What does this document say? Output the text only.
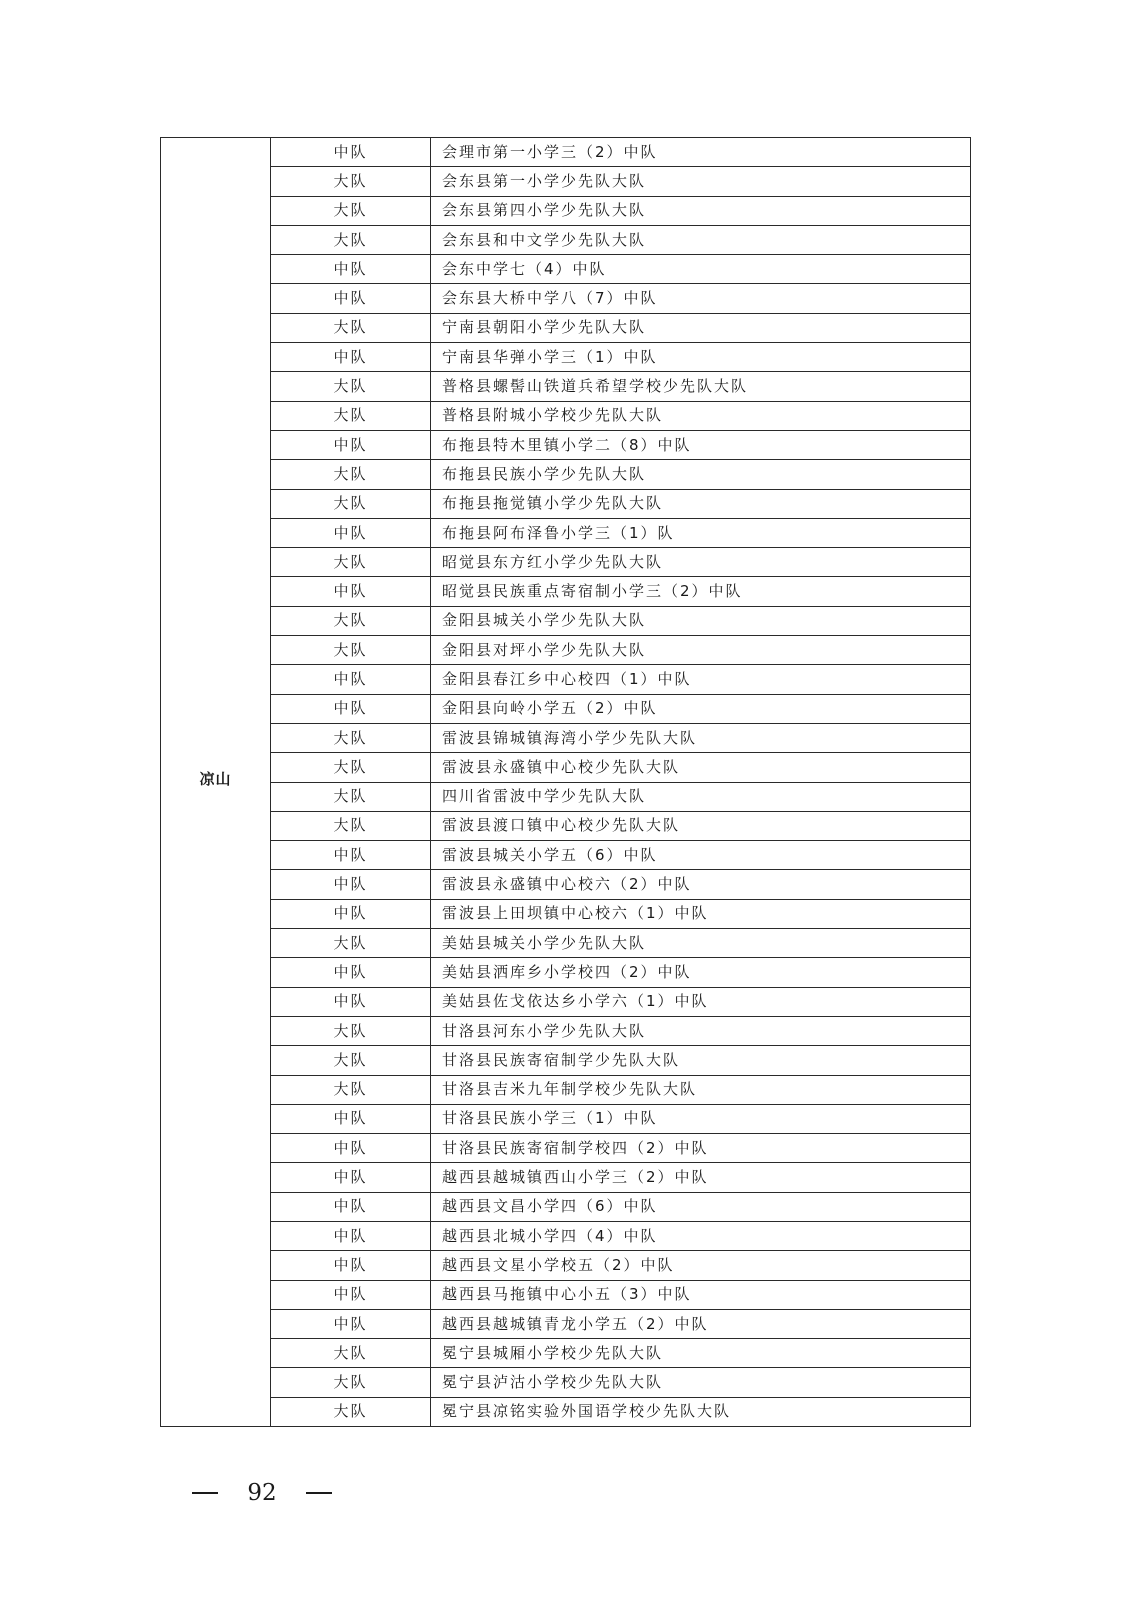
凉山	中队	会理市第一小学三（2）中队
	大队	会东县第一小学少先队大队
	大队	会东县第四小学少先队大队
	大队	会东县和中文学少先队大队
	中队	会东中学七（4）中队
	中队	会东县大桥中学八（7）中队
	大队	宁南县朝阳小学少先队大队
	中队	宁南县华弹小学三（1）中队
	大队	普格县螺髻山铁道兵希望学校少先队大队
	大队	普格县附城小学校少先队大队
	中队	布拖县特木里镇小学二（8）中队
	大队	布拖县民族小学少先队大队
	大队	布拖县拖觉镇小学少先队大队
	中队	布拖县阿布泽鲁小学三（1）队
	大队	昭觉县东方红小学少先队大队
	中队	昭觉县民族重点寄宿制小学三（2）中队
	大队	金阳县城关小学少先队大队
	大队	金阳县对坪小学少先队大队
	中队	金阳县春江乡中心校四（1）中队
	中队	金阳县向岭小学五（2）中队
	大队	雷波县锦城镇海湾小学少先队大队
	大队	雷波县永盛镇中心校少先队大队
	大队	四川省雷波中学少先队大队
	大队	雷波县渡口镇中心校少先队大队
	中队	雷波县城关小学五（6）中队
	中队	雷波县永盛镇中心校六（2）中队
	中队	雷波县上田坝镇中心校六（1）中队
	大队	美姑县城关小学少先队大队
	中队	美姑县洒库乡小学校四（2）中队
	中队	美姑县佐戈依达乡小学六（1）中队
	大队	甘洛县河东小学少先队大队
	大队	甘洛县民族寄宿制学少先队大队
	大队	甘洛县吉米九年制学校少先队大队
	中队	甘洛县民族小学三（1）中队
	中队	甘洛县民族寄宿制学校四（2）中队
	中队	越西县越城镇西山小学三（2）中队
	中队	越西县文昌小学四（6）中队
	中队	越西县北城小学四（4）中队
	中队	越西县文星小学校五（2）中队
	中队	越西县马拖镇中心小五（3）中队
	中队	越西县越城镇青龙小学五（2）中队
	大队	冕宁县城厢小学校少先队大队
	大队	冕宁县泸沽小学校少先队大队
	大队	冕宁县凉铭实验外国语学校少先队大队
92
